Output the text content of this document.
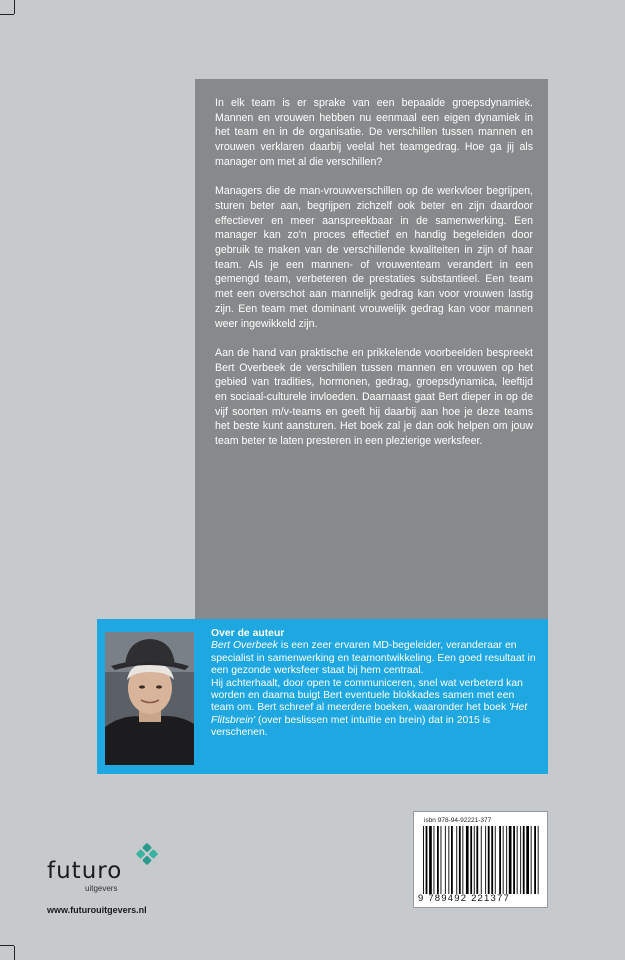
In elk team is er sprake van een bepaalde groepsdynamiek. Mannen en vrouwen hebben nu eenmaal een eigen dynamiek in het team en in de organisatie. De verschillen tussen mannen en vrouwen verklaren daarbij veelal het teamgedrag. Hoe ga jij als manager om met al die verschillen?

Managers die de man-vrouwverschillen op de werkvloer begrijpen, sturen beter aan, begrijpen zichzelf ook beter en zijn daardoor effectiever en meer aanspreekbaar in de samenwerking. Een manager kan zo'n proces effectief en handig begeleiden door gebruik te maken van de verschillende kwaliteiten in zijn of haar team. Als je een mannen- of vrouwenteam verandert in een gemengd team, verbeteren de prestaties substantieel. Een team met een overschot aan mannelijk gedrag kan voor vrouwen lastig zijn. Een team met dominant vrouwelijk gedrag kan voor mannen weer ingewikkeld zijn.

Aan de hand van praktische en prikkelende voorbeelden bespreekt Bert Overbeek de verschillen tussen mannen en vrouwen op het gebied van tradities, hormonen, gedrag, groepsdynamica, leeftijd en sociaal-culturele invloeden. Daarnaast gaat Bert dieper in op de vijf soorten m/v-teams en geeft hij daarbij aan hoe je deze teams het beste kunt aansturen. Het boek zal je dan ook helpen om jouw team beter te laten presteren in een plezierige werksfeer.

Over de auteur
Bert Overbeek is een zeer ervaren MD-begeleider, veranderaar en specialist in samenwerking en teamontwikkeling. Een goed resultaat in een gezonde werksfeer staat bij hem centraal.
Hij achterhaalt, door open te communiceren, snel wat verbeterd kan worden en daarna buigt Bert eventuele blokkades samen met een team om. Bert schreef al meerdere boeken, waaronder het boek 'Het Flitsbrein' (over beslissen met intuïtie en brein) dat in 2015 is verschenen.
isbn 978-94-92221-377
9 789492 221377
futuro
uitgevers
www.futurouitgevers.nl
